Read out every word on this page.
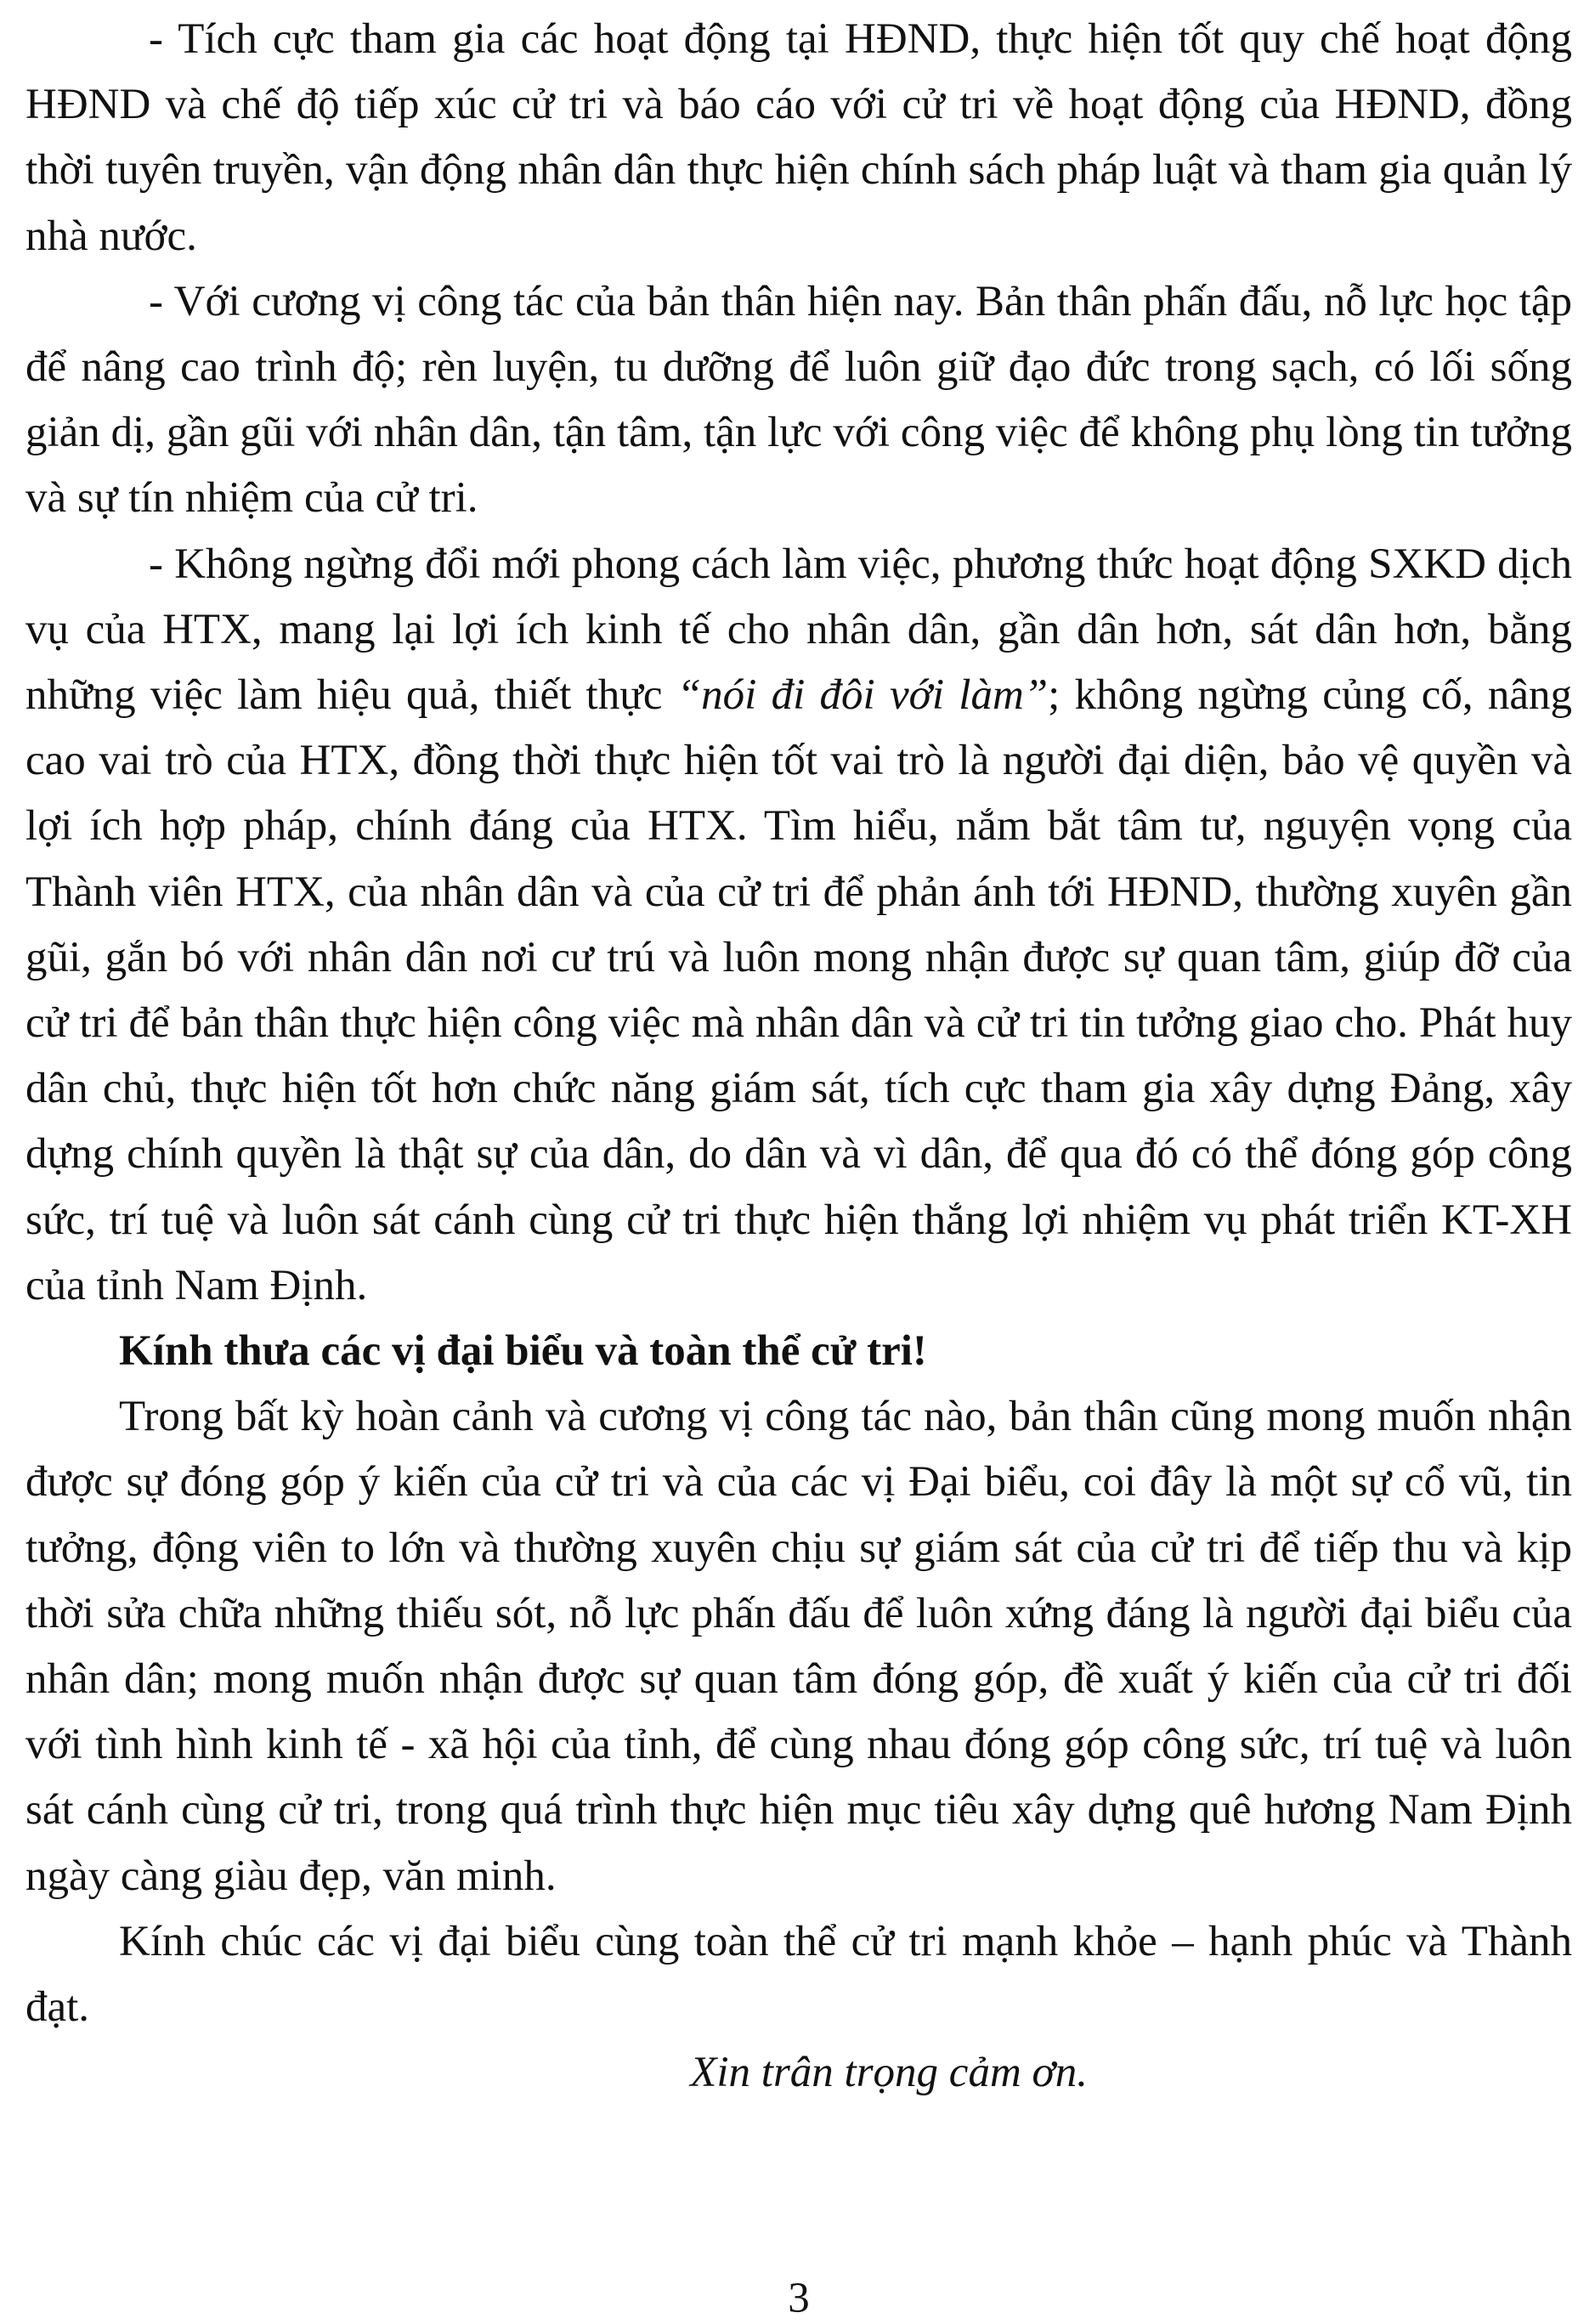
- Tích cực tham gia các hoạt động tại HĐND, thực hiện tốt quy chế hoạt động HĐND và chế độ tiếp xúc cử tri và báo cáo với cử tri về hoạt động của HĐND, đồng thời tuyên truyền, vận động nhân dân thực hiện chính sách pháp luật và tham gia quản lý nhà nước.

- Với cương vị công tác của bản thân hiện nay. Bản thân phấn đấu, nỗ lực học tập để nâng cao trình độ; rèn luyện, tu dưỡng để luôn giữ đạo đức trong sạch, có lối sống giản dị, gần gũi với nhân dân, tận tâm, tận lực với công việc để không phụ lòng tin tưởng và sự tín nhiệm của cử tri.

- Không ngừng đổi mới phong cách làm việc, phương thức hoạt động SXKD dịch vụ của HTX, mang lại lợi ích kinh tế cho nhân dân, gần dân hơn, sát dân hơn, bằng những việc làm hiệu quả, thiết thực “nói đi đôi với làm”; không ngừng củng cố, nâng cao vai trò của HTX, đồng thời thực hiện tốt vai trò là người đại diện, bảo vệ quyền và lợi ích hợp pháp, chính đáng của HTX. Tìm hiểu, nắm bắt tâm tư, nguyện vọng của Thành viên HTX, của nhân dân và của cử tri để phản ánh tới HĐND, thường xuyên gần gũi, gắn bó với nhân dân nơi cư trú và luôn mong nhận được sự quan tâm, giúp đỡ của cử tri để bản thân thực hiện công việc mà nhân dân và cử tri tin tưởng giao cho. Phát huy dân chủ, thực hiện tốt hơn chức năng giám sát, tích cực tham gia xây dựng Đảng, xây dựng chính quyền là thật sự của dân, do dân và vì dân, để qua đó có thể đóng góp công sức, trí tuệ và luôn sát cánh cùng cử tri thực hiện thắng lợi nhiệm vụ phát triển KT-XH của tỉnh Nam Định.

Kính thưa các vị đại biểu và toàn thể cử tri!

Trong bất kỳ hoàn cảnh và cương vị công tác nào, bản thân cũng mong muốn nhận được sự đóng góp ý kiến của cử tri và của các vị Đại biểu, coi đây là một sự cổ vũ, tin tưởng, động viên to lớn và thường xuyên chịu sự giám sát của cử tri để tiếp thu và kịp thời sửa chữa những thiếu sót, nỗ lực phấn đấu để luôn xứng đáng là người đại biểu của nhân dân; mong muốn nhận được sự quan tâm đóng góp, đề xuất ý kiến của cử tri đối với tình hình kinh tế - xã hội của tỉnh, để cùng nhau đóng góp công sức, trí tuệ và luôn sát cánh cùng cử tri, trong quá trình thực hiện mục tiêu xây dựng quê hương Nam Định ngày càng giàu đẹp, văn minh.

Kính chúc các vị đại biểu cùng toàn thể cử tri mạnh khỏe – hạnh phúc và Thành đạt.

Xin trân trọng cảm ơn.

3
